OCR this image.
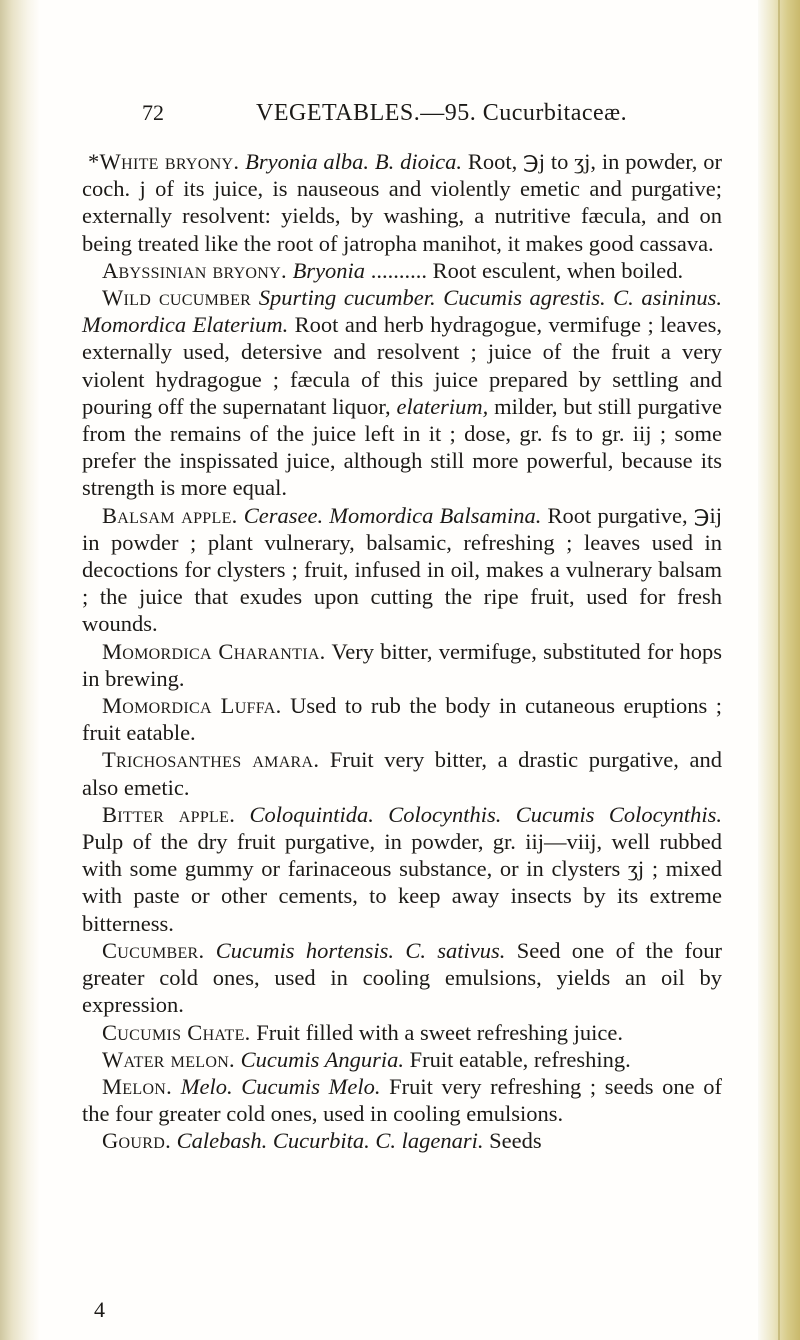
72	VEGETABLES.—95. Cucurbitaceæ.

*White bryony. Bryonia alba. B. dioica. Root, ℈j to ʒj, in powder, or coch. j of its juice, is nauseous and violently emetic and purgative; externally resolvent: yields, by washing, a nutritive fæcula, and on being treated like the root of jatropha manihot, it makes good cassava.

Abyssinian bryony. Bryonia .......... Root esculent, when boiled.

Wild cucumber Spurting cucumber. Cucumis agrestis. C. asininus. Momordica Elaterium. Root and herb hydragogue, vermifuge ; leaves, externally used, detersive and resolvent ; juice of the fruit a very violent hydragogue ; fæcula of this juice prepared by settling and pouring off the supernatant liquor, elaterium, milder, but still purgative from the remains of the juice left in it ; dose, gr. fs to gr. iij ; some prefer the inspissated juice, although still more powerful, because its strength is more equal.

Balsam apple. Cerasee. Momordica Balsamina. Root purgative, ℈ij in powder ; plant vulnerary, balsamic, refreshing ; leaves used in decoctions for clysters ; fruit, infused in oil, makes a vulnerary balsam ; the juice that exudes upon cutting the ripe fruit, used for fresh wounds.

Momordica Charantia. Very bitter, vermifuge, substituted for hops in brewing.

Momordica Luffa. Used to rub the body in cutaneous eruptions ; fruit eatable.

Trichosanthes amara. Fruit very bitter, a drastic purgative, and also emetic.

Bitter apple. Coloquintida. Colocynthis. Cucumis Colocynthis. Pulp of the dry fruit purgative, in powder, gr. iij—viij, well rubbed with some gummy or farinaceous substance, or in clysters ʒj ; mixed with paste or other cements, to keep away insects by its extreme bitterness.

Cucumber. Cucumis hortensis. C. sativus. Seed one of the four greater cold ones, used in cooling emulsions, yields an oil by expression.

Cucumis Chate. Fruit filled with a sweet refreshing juice.

Water melon. Cucumis Anguria. Fruit eatable, refreshing.

Melon. Melo. Cucumis Melo. Fruit very refreshing ; seeds one of the four greater cold ones, used in cooling emulsions.

Gourd. Calebash. Cucurbita. C. lagenari. Seeds

4
